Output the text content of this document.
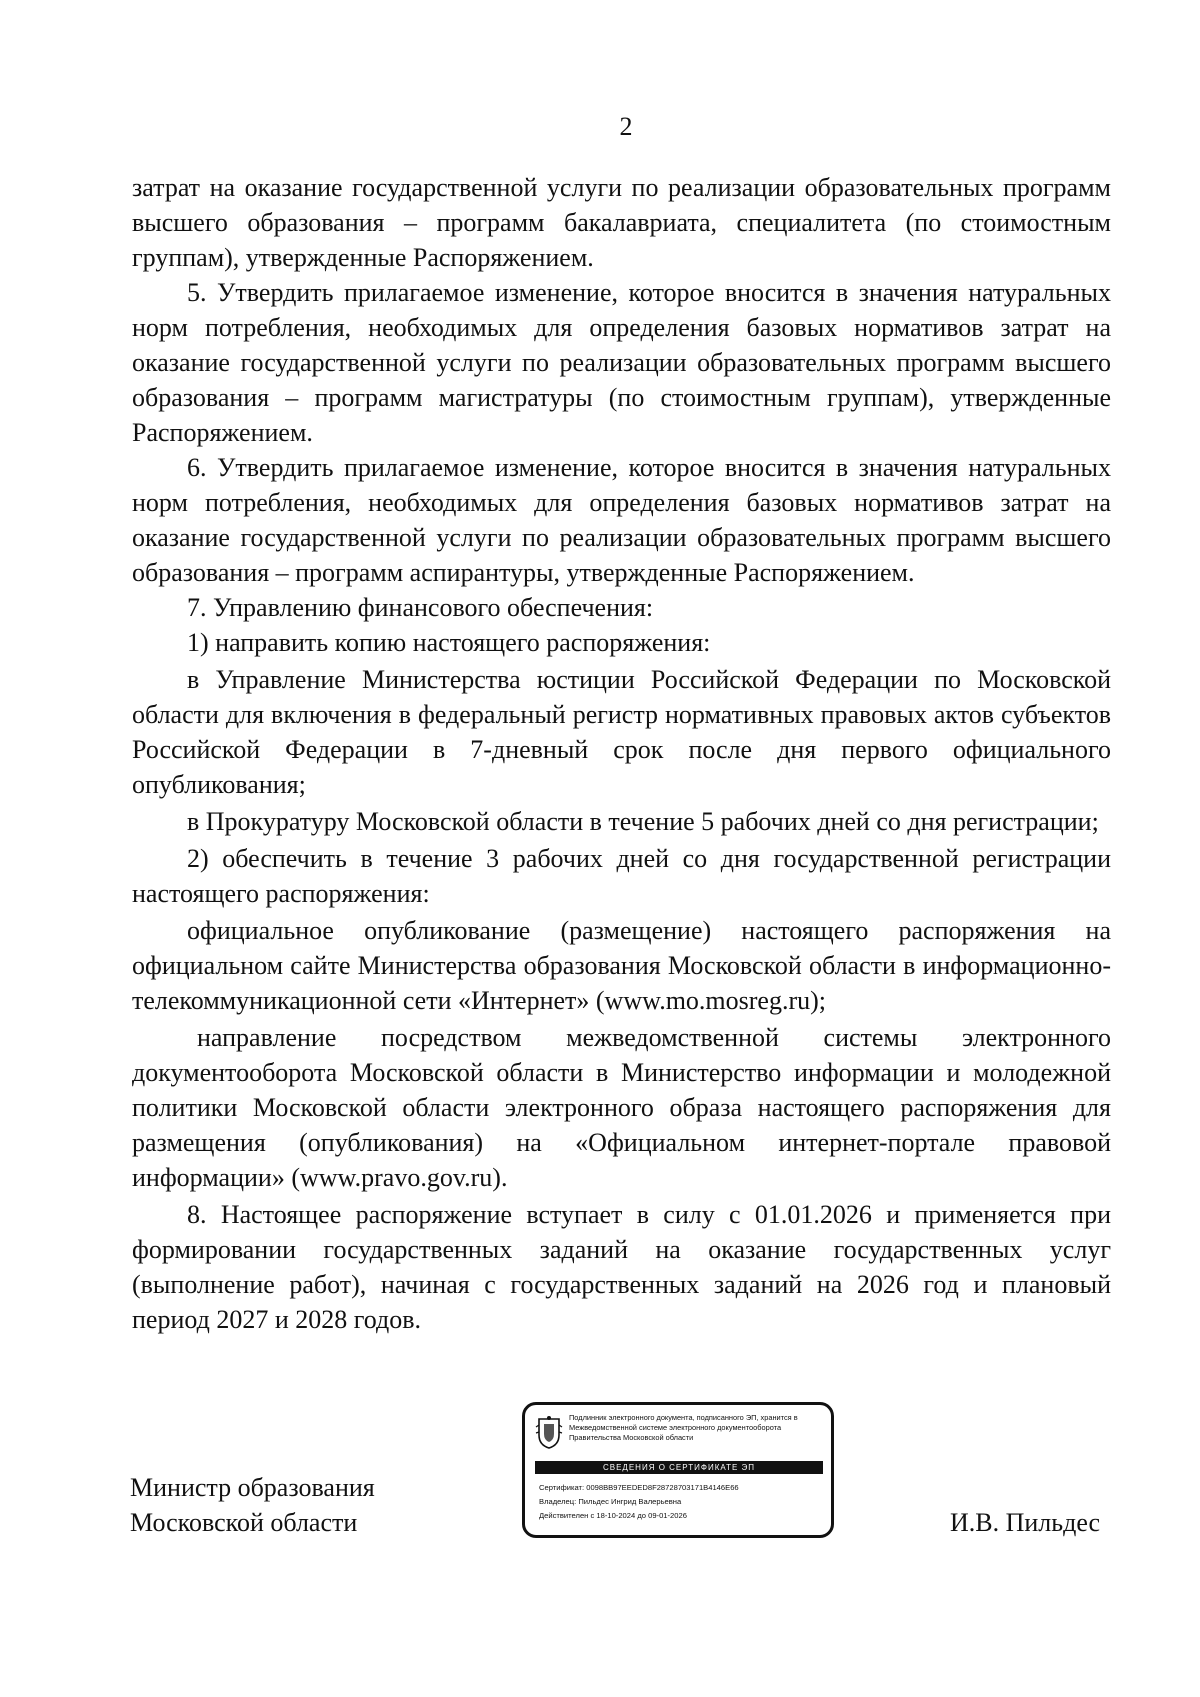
2

затрат на оказание государственной услуги по реализации образовательных программ высшего образования – программ бакалавриата, специалитета (по стоимостным группам), утвержденные Распоряжением.

5. Утвердить прилагаемое изменение, которое вносится в значения натуральных норм потребления, необходимых для определения базовых нормативов затрат на оказание государственной услуги по реализации образовательных программ высшего образования – программ магистратуры (по стоимостным группам), утвержденные Распоряжением.

6. Утвердить прилагаемое изменение, которое вносится в значения натуральных норм потребления, необходимых для определения базовых нормативов затрат на оказание государственной услуги по реализации образовательных программ высшего образования – программ аспирантуры, утвержденные Распоряжением.

7. Управлению финансового обеспечения:

1) направить копию настоящего распоряжения:

в Управление Министерства юстиции Российской Федерации по Московской области для включения в федеральный регистр нормативных правовых актов субъектов Российской Федерации в 7-дневный срок после дня первого официального опубликования;

в Прокуратуру Московской области в течение 5 рабочих дней со дня регистрации;

2) обеспечить в течение 3 рабочих дней со дня государственной регистрации настоящего распоряжения:

официальное опубликование (размещение) настоящего распоряжения на официальном сайте Министерства образования Московской области в информационно-телекоммуникационной сети «Интернет» (www.mo.mosreg.ru);

направление посредством межведомственной системы электронного документооборота Московской области в Министерство информации и молодежной политики Московской области электронного образа настоящего распоряжения для размещения (опубликования) на «Официальном интернет-портале правовой информации» (www.pravo.gov.ru).

8. Настоящее распоряжение вступает в силу с 01.01.2026 и применяется при формировании государственных заданий на оказание государственных услуг (выполнение работ), начиная с государственных заданий на 2026 год и плановый период 2027 и 2028 годов.

Министр образования
Московской области

Подлинник электронного документа, подписанного ЭП, хранится в Межведомственной системе электронного документооборота Правительства Московской области

СВЕДЕНИЯ О СЕРТИФИКАТЕ ЭП

Сертификат: 0098BB97EEDED8F28728703171B4146E66

Владелец: Пильдес Ингрид Валерьевна

Действителен с 18-10-2024 до 09-01-2026	И.В. Пильдес
